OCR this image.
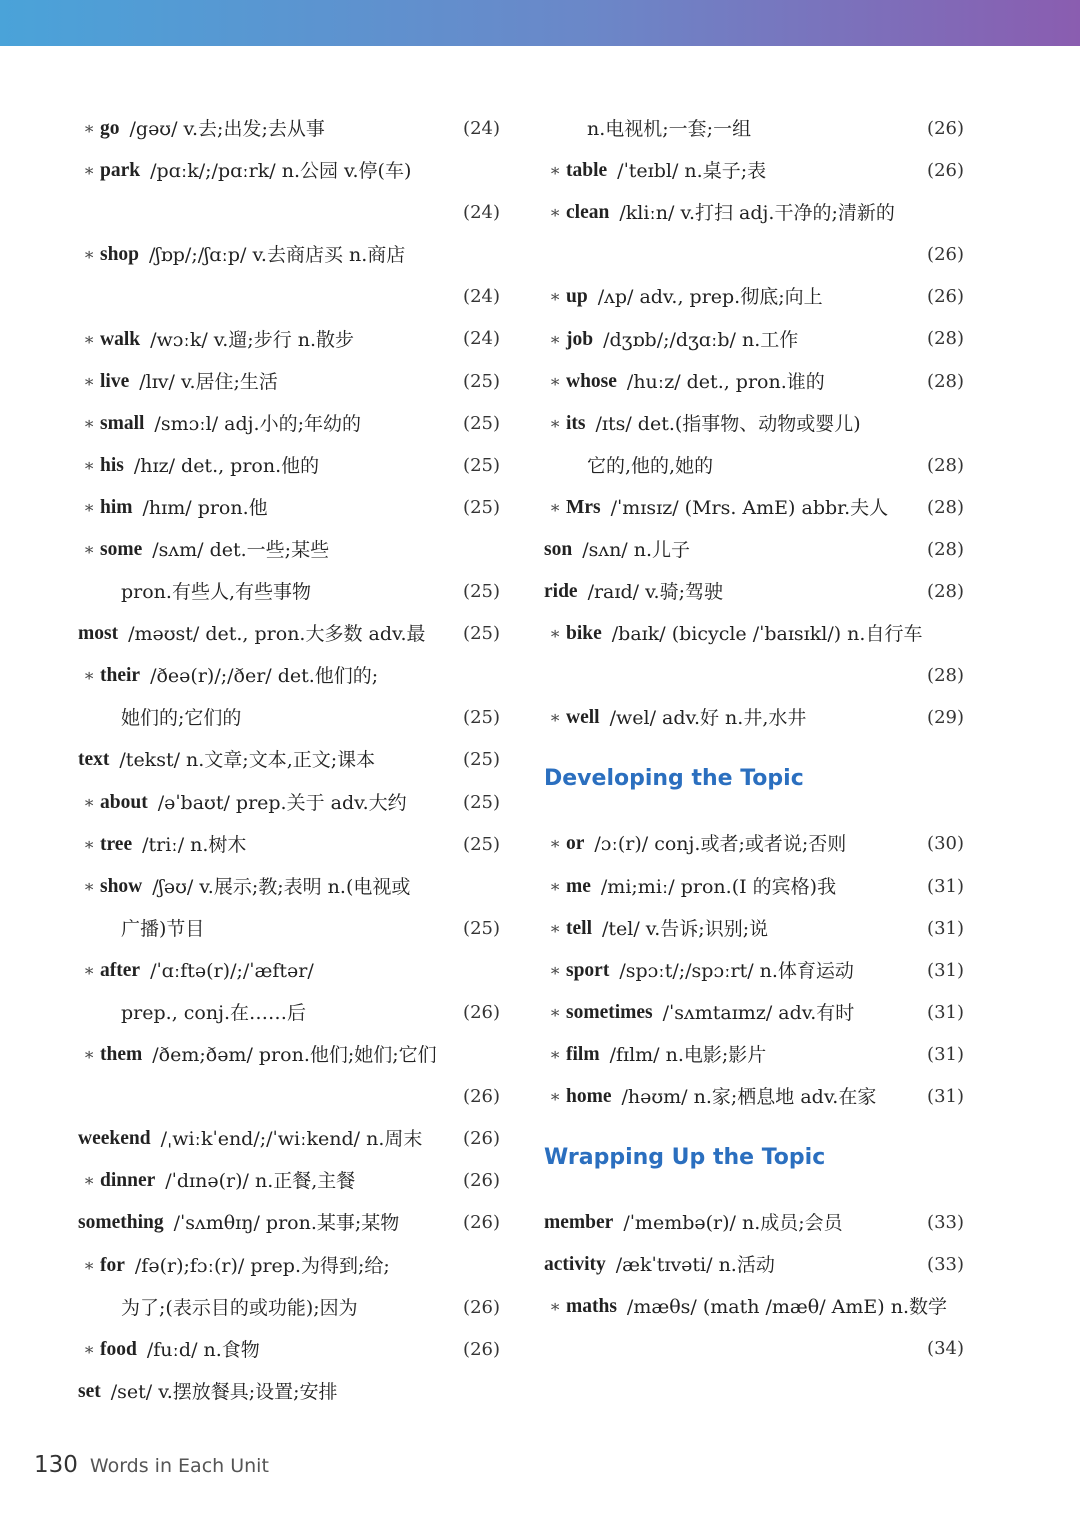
∗ go /gəʊ/ v.去;出发;去从事	(24)
∗ park /pɑːk/;/pɑːrk/ n.公园 v.停(车)
(24)
∗ shop /ʃɒp/;/ʃɑːp/ v.去商店买 n.商店
(24)
∗ walk /wɔːk/ v.遛;步行 n.散步	(24)
∗ live /lɪv/ v.居住;生活	(25)
∗ small /smɔːl/ adj.小的;年幼的	(25)
∗ his /hɪz/ det., pron.他的	(25)
∗ him /hɪm/ pron.他	(25)
∗ some /sʌm/ det.一些;某些
pron.有些人,有些事物	(25)
most /məʊst/ det., pron.大多数 adv.最 (25)
∗ their /ðeə(r)/;/ðer/ det.他们的;
她们的;它们的	(25)
text /tekst/ n.文章;文本,正文;课本	(25)
∗ about /əˈbaʊt/ prep.关于 adv.大约	(25)
∗ tree /triː/ n.树木	(25)
∗ show /ʃəʊ/ v.展示;教;表明 n.(电视或
广播)节目	(25)
∗ after /ˈɑːftə(r)/;/ˈæftər/
prep., conj.在……后	(26)
∗ them /ðem;ðəm/ pron.他们;她们;它们
(26)
weekend /ˌwiːkˈend/;/ˈwiːkend/ n.周末 (26)
∗ dinner /ˈdɪnə(r)/ n.正餐,主餐	(26)
something /ˈsʌmθɪŋ/ pron.某事;某物	(26)
∗ for /fə(r);fɔː(r)/ prep.为得到;给;
为了;(表示目的或功能);因为	(26)
∗ food /fuːd/ n.食物	(26)
set /set/ v.摆放餐具;设置;安排
n.电视机;一套;一组	(26)
∗ table /ˈteɪbl/ n.桌子;表	(26)
∗ clean /kliːn/ v.打扫 adj.干净的;清新的
(26)
∗ up /ʌp/ adv., prep.彻底;向上	(26)
∗ job /dʒɒb/;/dʒɑːb/ n.工作	(28)
∗ whose /huːz/ det., pron.谁的	(28)
∗ its /ɪts/ det.(指事物、动物或婴儿)
它的,他的,她的	(28)
∗ Mrs /ˈmɪsɪz/ (Mrs. AmE) abbr.夫人 (28)
son /sʌn/ n.儿子	(28)
ride /raɪd/ v.骑;驾驶	(28)
∗ bike /baɪk/ (bicycle /ˈbaɪsɪkl/) n.自行车
(28)
∗ well /wel/ adv.好 n.井,水井	(29)
Developing the Topic
∗ or /ɔː(r)/ conj.或者;或者说;否则	(30)
∗ me /mi;miː/ pron.(I 的宾格)我	(31)
∗ tell /tel/ v.告诉;识别;说	(31)
∗ sport /spɔːt/;/spɔːrt/ n.体育运动	(31)
∗ sometimes /ˈsʌmtaɪmz/ adv.有时	(31)
∗ film /fɪlm/ n.电影;影片	(31)
∗ home /həʊm/ n.家;栖息地 adv.在家	(31)
Wrapping Up the Topic
member /ˈmembə(r)/ n.成员;会员	(33)
activity /ækˈtɪvəti/ n.活动	(33)
∗ maths /mæθs/ (math /mæθ/ AmE) n.数学
(34)
130 Words in Each Unit
